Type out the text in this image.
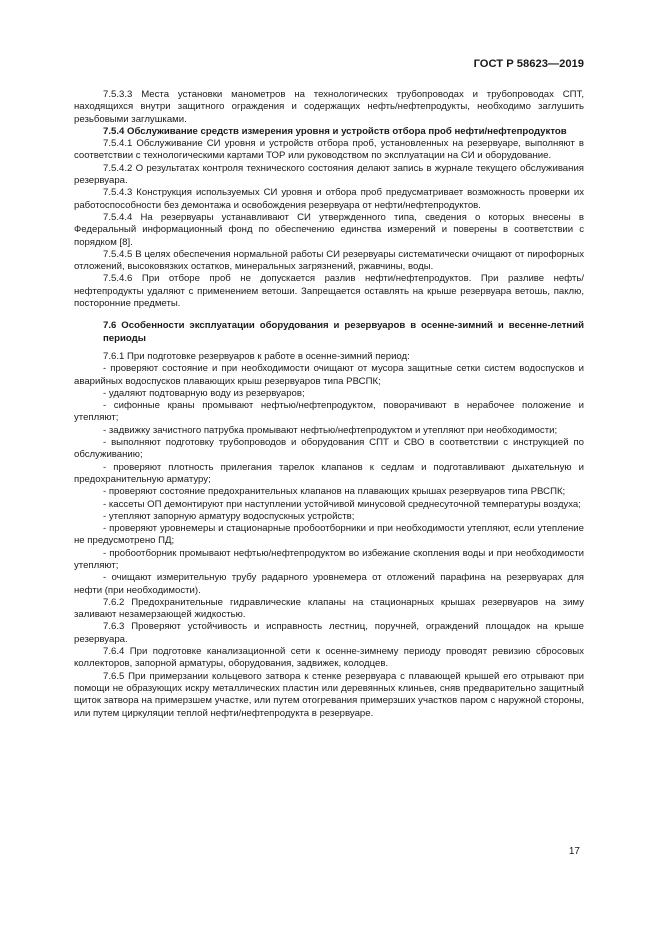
ГОСТ Р 58623—2019

7.5.3.3 Места установки манометров на технологических трубопроводах и трубопроводах СПТ, находящихся внутри защитного ограждения и содержащих нефть/нефтепродукты, необходимо заглушить резьбовыми заглушками.

7.5.4 Обслуживание средств измерения уровня и устройств отбора проб нефти/нефтепродуктов

7.5.4.1 Обслуживание СИ уровня и устройств отбора проб, установленных на резервуаре, выполняют в соответствии с технологическими картами ТОР или руководством по эксплуатации на СИ и оборудование.

7.5.4.2 О результатах контроля технического состояния делают запись в журнале текущего обслуживания резервуара.

7.5.4.3 Конструкция используемых СИ уровня и отбора проб предусматривает возможность проверки их работоспособности без демонтажа и освобождения резервуара от нефти/нефтепродуктов.

7.5.4.4 На резервуары устанавливают СИ утвержденного типа, сведения о которых внесены в Федеральный информационный фонд по обеспечению единства измерений и поверены в соответствии с порядком [8].

7.5.4.5 В целях обеспечения нормальной работы СИ резервуары систематически очищают от пирофорных отложений, высоковязких остатков, минеральных загрязнений, ржавчины, воды.

7.5.4.6 При отборе проб не допускается разлив нефти/нефтепродуктов. При разливе нефть/нефтепродукты удаляют с применением ветоши. Запрещается оставлять на крыше резервуара ветошь, паклю, посторонние предметы.

7.6 Особенности эксплуатации оборудования и резервуаров в осенне-зимний и весенне-летний периоды

7.6.1 При подготовке резервуаров к работе в осенне-зимний период:

- проверяют состояние и при необходимости очищают от мусора защитные сетки систем водоспусков и аварийных водоспусков плавающих крыш резервуаров типа РВСПК;

- удаляют подтоварную воду из резервуаров;

- сифонные краны промывают нефтью/нефтепродуктом, поворачивают в нерабочее положение и утепляют;

- задвижку зачистного патрубка промывают нефтью/нефтепродуктом и утепляют при необходимости;

- выполняют подготовку трубопроводов и оборудования СПТ и СВО в соответствии с инструкцией по обслуживанию;

- проверяют плотность прилегания тарелок клапанов к седлам и подготавливают дыхательную и предохранительную арматуру;

- проверяют состояние предохранительных клапанов на плавающих крышах резервуаров типа РВСПК;

- кассеты ОП демонтируют при наступлении устойчивой минусовой среднесуточной температуры воздуха;

- утепляют запорную арматуру водоспускных устройств;

- проверяют уровнемеры и стационарные пробоотборники и при необходимости утепляют, если утепление не предусмотрено ПД;

- пробоотборник промывают нефтью/нефтепродуктом во избежание скопления воды и при необходимости утепляют;

- очищают измерительную трубу радарного уровнемера от отложений парафина на резервуарах для нефти (при необходимости).

7.6.2 Предохранительные гидравлические клапаны на стационарных крышах резервуаров на зиму заливают незамерзающей жидкостью.

7.6.3 Проверяют устойчивость и исправность лестниц, поручней, ограждений площадок на крыше резервуара.

7.6.4 При подготовке канализационной сети к осенне-зимнему периоду проводят ревизию сбросовых коллекторов, запорной арматуры, оборудования, задвижек, колодцев.

7.6.5 При примерзании кольцевого затвора к стенке резервуара с плавающей крышей его отрывают при помощи не образующих искру металлических пластин или деревянных клиньев, сняв предварительно защитный щиток затвора на примерзшем участке, или путем отогревания примерзших участков паром с наружной стороны, или путем циркуляции теплой нефти/нефтепродукта в резервуаре.

17
